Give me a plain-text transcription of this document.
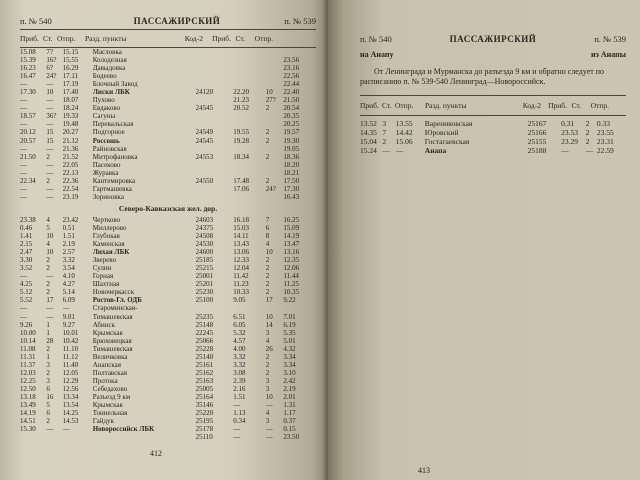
п. № 540	ПАССАЖИРСКИЙ	п. № 539
Приб. Ст. Отпр.	Разд. пункты	Код-2	Приб. Ст.	Отпр.
15.08	7?	15.15	Масловка				
15.39	16?	15.55	Колодезная				23.56
16.23	6?	16.29	Давыдовка				23.16
16.47	24?	17.11	Бодеево				22.56
—	—	17.19	Блочный Завод				22.44
17.30	10	17.40	Лиски ЛБК	24120	22.20	10	22.40
—	—	18.07	Пухово		21.23	27?	21.50
—	—	18.24	Евдаково	24545	20.52	2	20.54
18.57	36?	19.33	Сагуны				20.35
—	—	19.48	Перевальская				20.25
20.12	15	20.27	Подгорное	24549	19.55	2	19.57
20.57	15	21.12	Россошь	24545	19.28	2	19.30
—	—	21.36	Райновская				19.05
21.50	2	21.52	Митрофановка	24553	18.34	2	18.36
—	—	22.05	Пасеково				18.20
—	—	22.13	Журавка				18.21
22.34	2	22.36	Кантемировка	24550	17.48	2	17.50
—	—	22.54	Гартмашевка		17.06	24?	17.30
—	—	23.19	Зориновка				16.43
Северо-Кавказская жел. дор.							
23.38	4	23.42	Чертково	24603	16.18	7	16.25
0.46	5	0.51	Миллерово	24375	15.03	6	15.09
1.41	10	1.51	Глубокая	24508	14.11	8	14.19
2.15	4	2.19	Каменская	24530	13.43	4	13.47
2.47	10	2.57	Лихая ЛБК	24600	13.06	10	13.16
3.30	2	3.32	Зверево	25185	12.33	2	12.35
3.52	2	3.54	Сулин	25215	12.04	2	12.06
—	—	4.10	Горная	25001	11.42	2	11.44
4.25	2	4.27	Шахтная	25201	11.23	2	11.25
5.12	2	5.14	Новочеркасск	25230	10.33	2	10.35
5.52	17	6.09	Ростов-Гл. ОДБ	25100	9.05	17	9.22
—	—	—	Староминская-				
—	—	9.01	Тимашевская	25235	6.51	10	7.01
9.26	1	9.27	Абинск	25148	6.05	14	6.19
10.00	1	10.01	Крымская	22245	5.32	3	5.35
10.14	28	10.42	Брюховецкая	25066	4.57	4	5.01
11.08	2	11.10	Тимашевская	25228	4.00	26	4.32
11.31	1	11.12	Величковка	25140	3.32	2	3.34
11.37	3	11.40	Анапская	25161	3.32	2	3.34
12.03	2	12.05	Полтавская	25162	3.08	2	3.10
12.25	3	12.29	Протока	25163	2.39	3	2.42
12.50	6	12.56	Себедахово	25005	2.16	3	2.19
13.18	16	13.34	Разъезд 9 км	25164	1.51	10	2.01
13.49	5	13.54	Крымская	35146	—	—	1.31
14.19	6	14.25	Тоннельная	25220	1.13	4	1.17
14.51	2	14.53	Гайдук	25195	0.34	3	0.37
15.30	—	—	Новороссийск ЛБК	25178	—	—	0.15
				25110	—	—	23.50
412
п. № 540	ПАССАЖИРСКИЙ	п. № 539
на Анапу	из Анапы
От Ленинграда и Мурманска до разъезда 9 км и обратно следует по расписанию п. № 539-540 Ленинград—Новороссийск.
Приб. Ст. Отпр.	Разд. пункты	Код-2 Приб. Ст.	Отпр.
13.52	3	13.55	Варениковская	25167	0.31	2	0.33
14.35	7	14.42	Юровский	25166	23.53	2	23.55
15.04	2	15.06	Гостагаевская	25155	23.29	2	23.31
15.24	—	—	Анапа	25188	—	—	22.59
413
